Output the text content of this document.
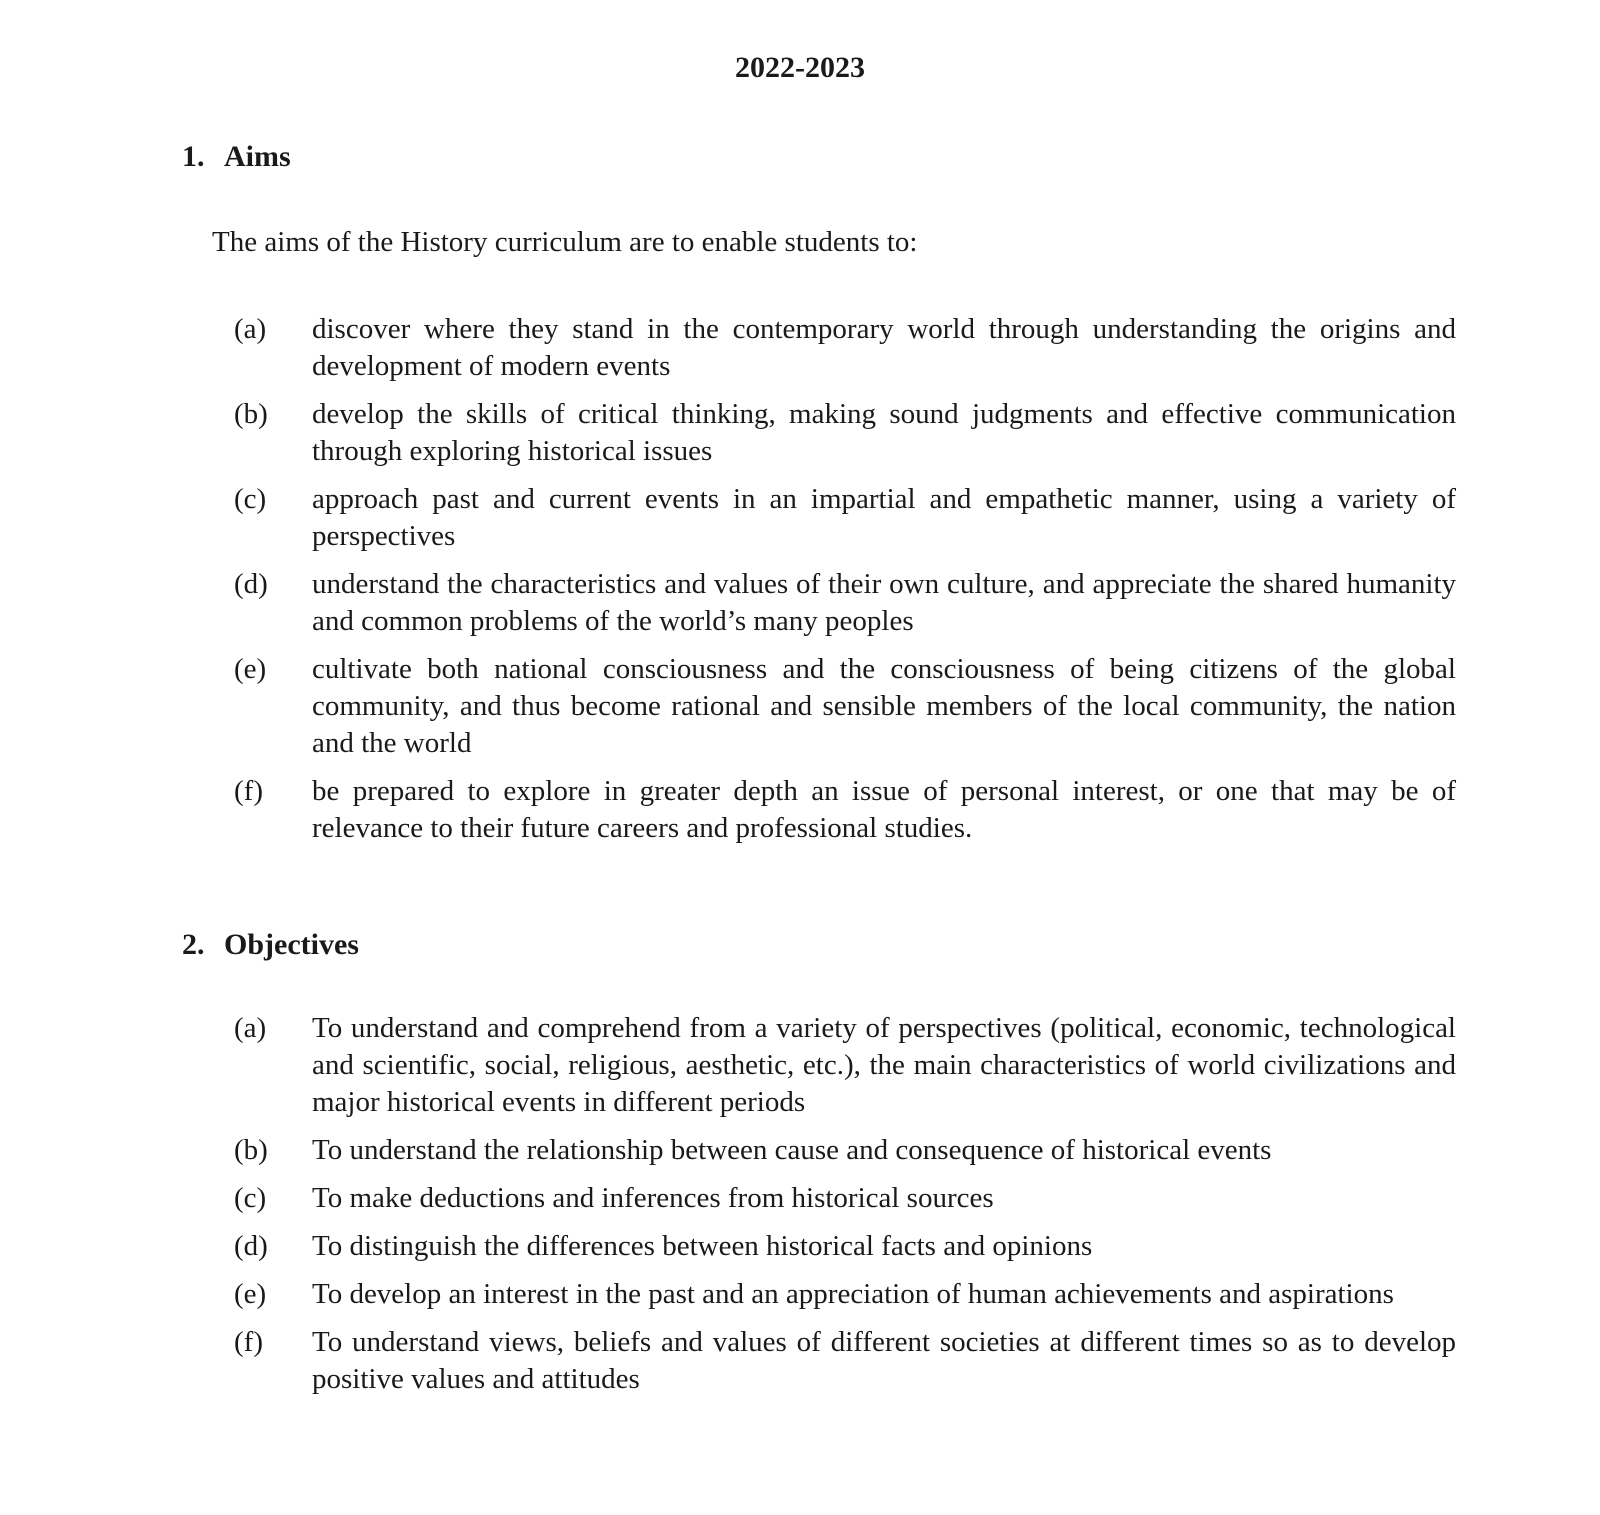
2022-2023
1. Aims

The aims of the History curriculum are to enable students to:

(a)	discover where they stand in the contemporary world through understanding the origins and development of modern events
(b)	develop the skills of critical thinking, making sound judgments and effective communication through exploring historical issues
(c)	approach past and current events in an impartial and empathetic manner, using a variety of perspectives
(d)	understand the characteristics and values of their own culture, and appreciate the shared humanity and common problems of the world’s many peoples
(e)	cultivate both national consciousness and the consciousness of being citizens of the global community, and thus become rational and sensible members of the local community, the nation and the world
(f)	be prepared to explore in greater depth an issue of personal interest, or one that may be of relevance to their future careers and professional studies.
2. Objectives
(a)	To understand and comprehend from a variety of perspectives (political, economic, technological and scientific, social, religious, aesthetic, etc.), the main characteristics of world civilizations and major historical events in different periods
(b)	To understand the relationship between cause and consequence of historical events
(c)	To make deductions and inferences from historical sources
(d)	To distinguish the differences between historical facts and opinions
(e)	To develop an interest in the past and an appreciation of human achievements and aspirations
(f)	To understand views, beliefs and values of different societies at different times so as to develop positive values and attitudes
